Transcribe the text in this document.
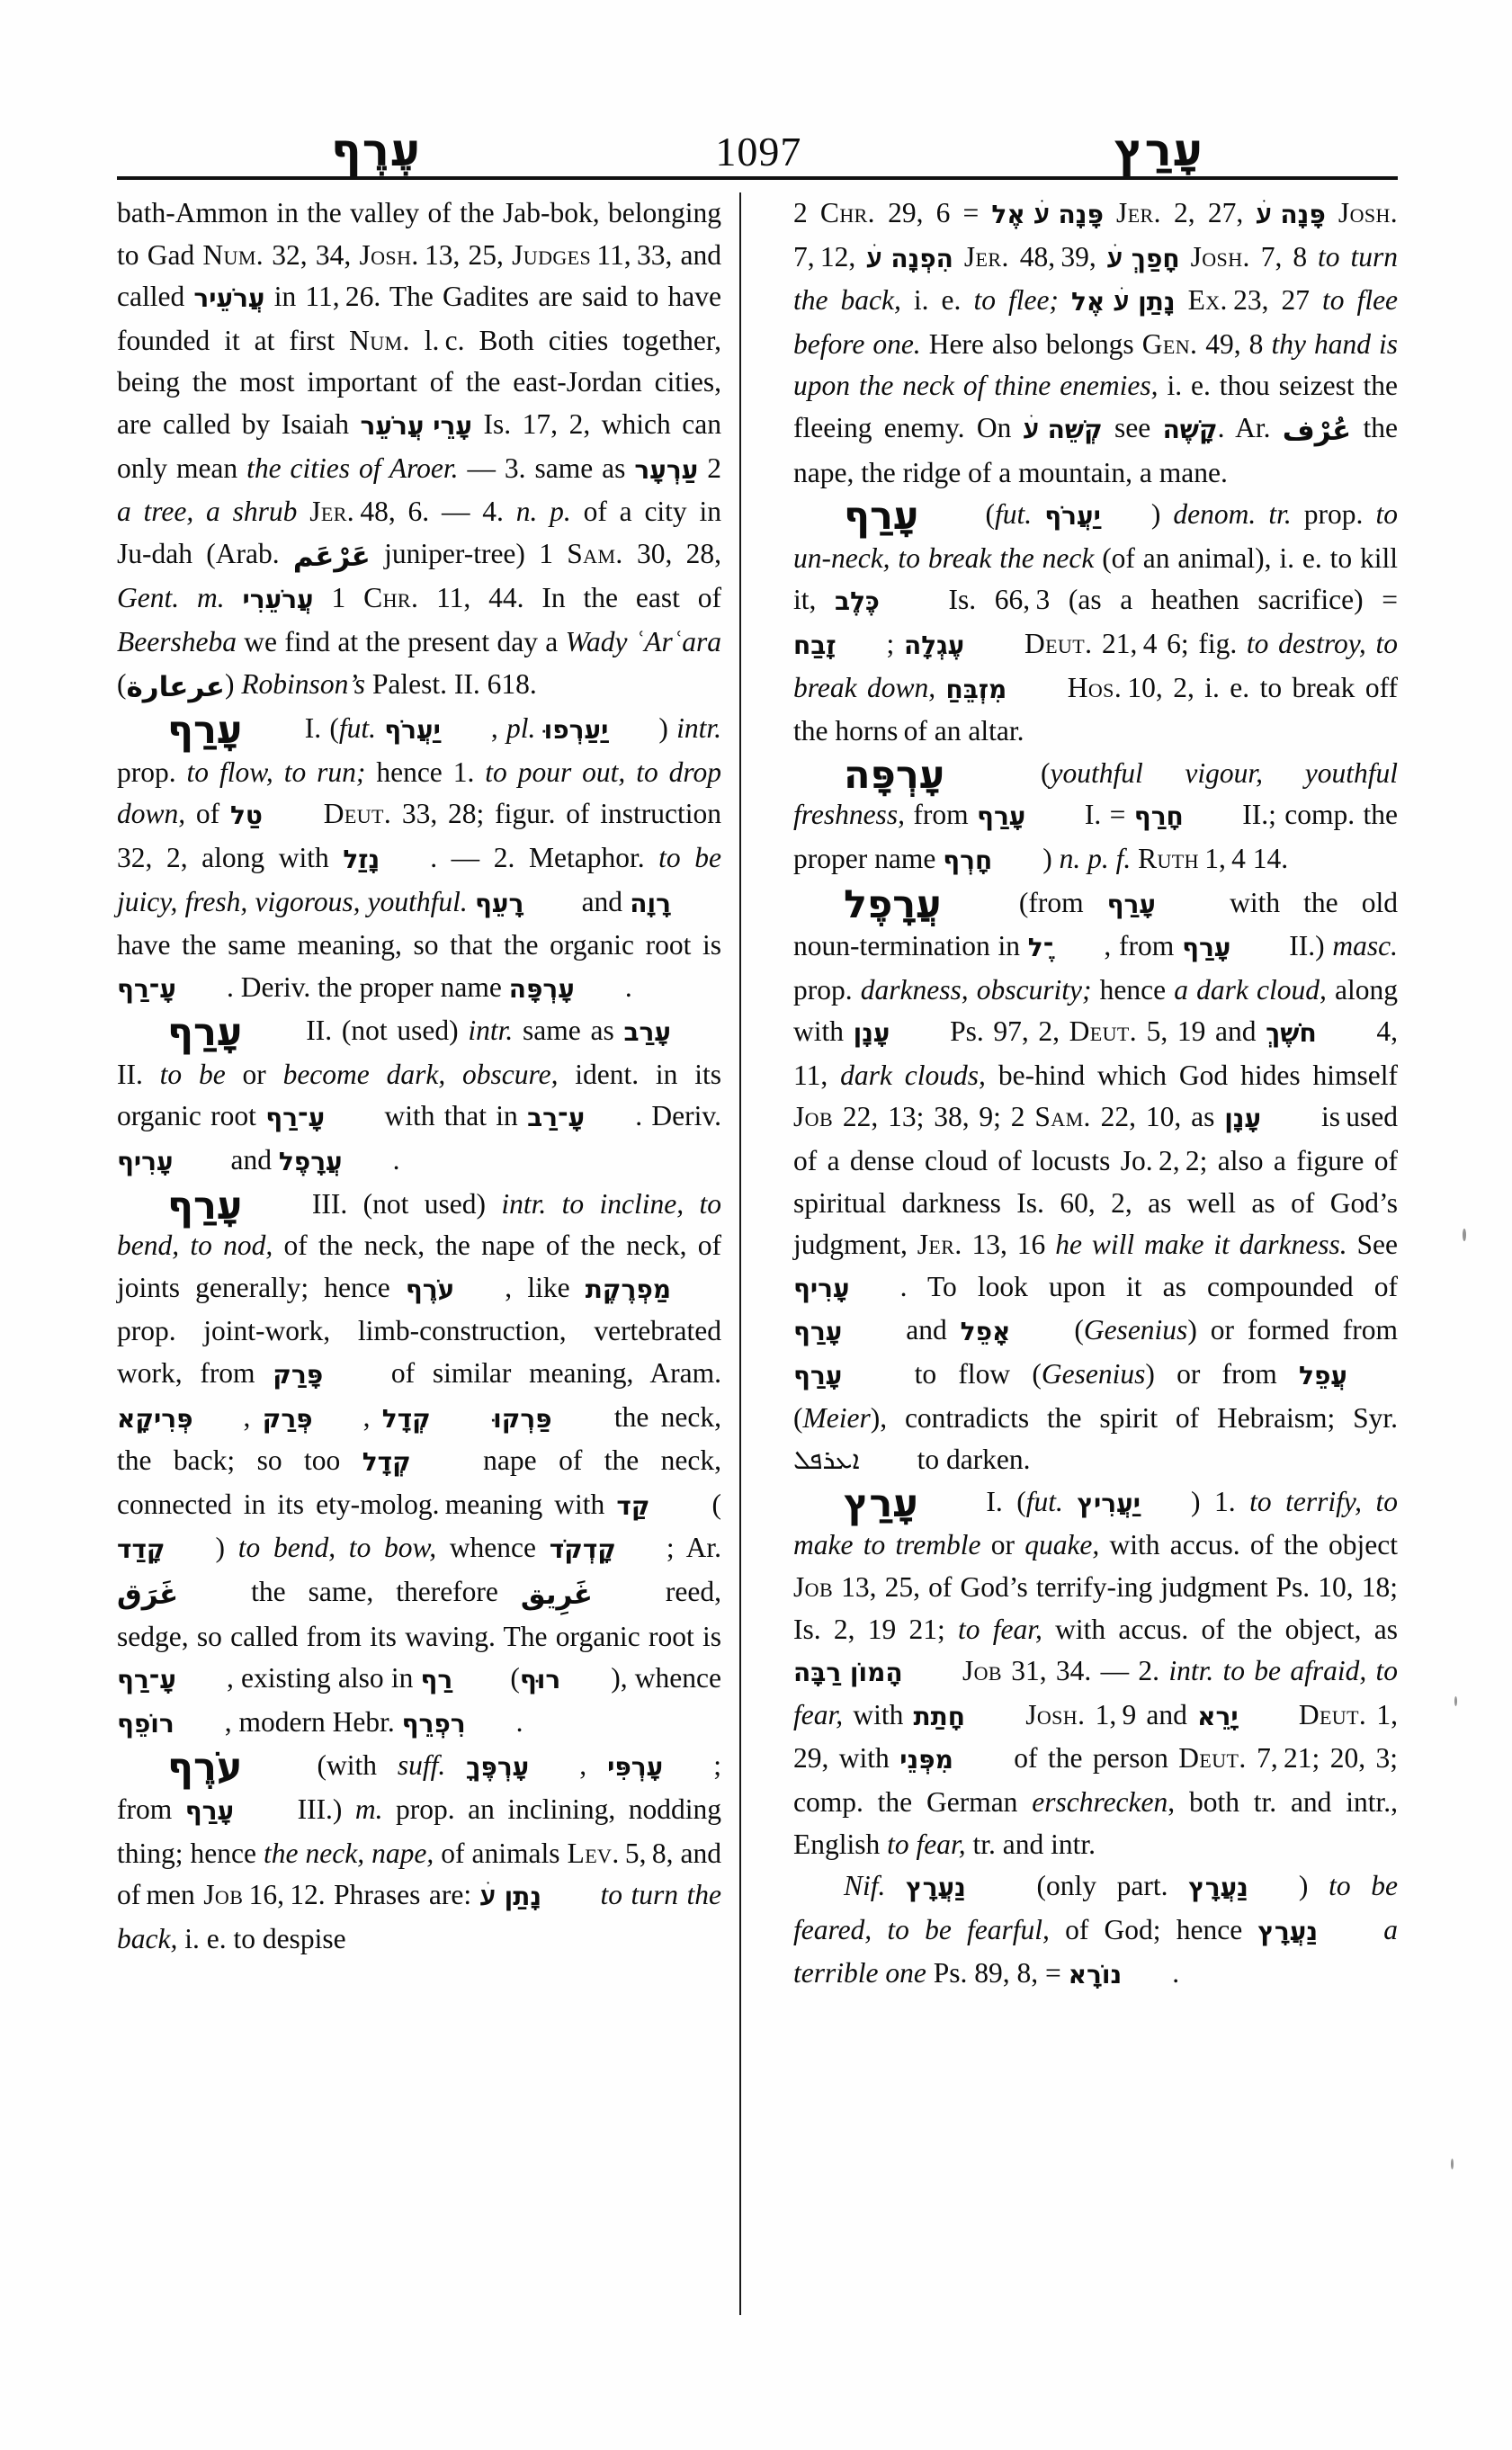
עֶרֶף	1097	עָרַץ

bath-Ammon in the valley of the Jab‑bok, belonging to Gad Num. 32, 34, Josh. 13, 25, Judges 11, 33, and called עֲרֹעֵיר in 11, 26. The Gadites are said to have founded it at first Num. l. c. Both cities together, being the most important of the east-Jordan cities, are called by Isaiah עָרֵי עֲרֹעֵר Is. 17, 2, which can only mean the cities of Aroer. — 3. same as עַרְעָר 2 a tree, a shrub Jer. 48, 6. — 4. n. p. of a city in Ju‑dah (Arab. عَرْعَم juniper-tree) 1 Sam. 30, 28, Gent. m. עֲרֹעֵרִי 1 Chr. 11, 44. In the east of Beersheba we find at the present day a Wady ʿArʿara (عرعارة) Robinson’s Palest. II. 618.

עָרַף I. (fut. יַעֲרֹף , pl. יַעַרְפוּ ) intr. prop. to flow, to run; hence 1. to pour out, to drop down, of טַל Deut. 33, 28; figur. of instruction 32, 2, along with נָזַל . — 2. Metaphor. to be juicy, fresh, vigorous, youthful. רָעֵף and רָוָה have the same meaning, so that the organic root is עָ־רַף . Deriv. the proper name עָרְפָּה .

עָרַף II. (not used) intr. same as עָרַב II. to be or become dark, obscure, ident. in its organic root עָ־רַף with that in עָ־רַב . Deriv. עָרִיף and עֲרָפֶל .

עָרַף III. (not used) intr. to incline, to bend, to nod, of the neck, the nape of the neck, of joints generally; hence עֹרֶף , like מַפְרֶקֶת prop. joint-work, limb‑construction, vertebrated work, from פָּרַק of similar meaning, Aram. פְּרִיקָא , פְּרַק , קְדָל פַּרְקוּ the neck, the back; so too קְדָל nape of the neck, connected in its ety‑molog. meaning with קַד (קָדַד ) to bend, to bow, whence קָדְקֹד ; Ar. غَرَق the same, therefore غَرِيق reed, sedge, so called from its waving. The organic root is עָ־רַף , existing also in רַף (רוּף ), whence רוֹפֵף , modern Hebr. רִפְרֵף .

עֹרֶף (with suff. עָרְפֶּךָ , עָרְפִּי ; from עָרַף III.) m. prop. an inclining, nodding thing; hence the neck, nape, of animals Lev. 5, 8, and of men Job 16, 12. Phrases are: נָתַן עׄ to turn the back, i. e. to despise

2 Chr. 29, 6 = פָּנָה עׄ אֶל Jer. 2, 27, פָּנָה עׄ Josh. 7, 12, הִפְנָה עׄ Jer. 48, 39, חָפַךְ עׄ Josh. 7, 8 to turn the back, i. e. to flee; נָתַן עׄ אֶל Ex. 23, 27 to flee before one. Here also belongs Gen. 49, 8 thy hand is upon the neck of thine enemies, i. e. thou seizest the fleeing enemy. On קְשֵׁה עׄ see קָשֶׁה. Ar. عُرْف the nape, the ridge of a mountain, a mane.

עָרַף (fut. יַעֲרֹף ) denom. tr. prop. to un‑neck, to break the neck (of an animal), i. e. to kill it, כֶּלֶב Is. 66, 3 (as a heathen sacrifice) = זָבַח ; עֶגְלָה Deut. 21, 4 6; fig. to destroy, to break down, מִזְבֵּחַ Hos. 10, 2, i. e. to break off the horns of an altar.

עָרְפָּה (youthful vigour, youthful freshness, from עָרַף I. = חָרַף II.; comp. the proper name חָרְף ) n. p. f. Ruth 1, 4 14.

עֲרָפֶל (from עָרַף with the old noun‑termination in ־ֶל , from עָרַף II.) masc. prop. darkness, obscurity; hence a dark cloud, along with עָנָן Ps. 97, 2, Deut. 5, 19 and חֹשֶׁךְ 4, 11, dark clouds, be‑hind which God hides himself Job 22, 13; 38, 9; 2 Sam. 22, 10, as עָנָן is used of a dense cloud of locusts Jo. 2, 2; also a figure of spiritual darkness Is. 60, 2, as well as of God’s judgment, Jer. 13, 16 he will make it darkness. See עָרִיף . To look upon it as compounded of עָרַף and אָפֵל (Gesenius) or formed from עָרַף to flow (Gesenius) or from עֲפֵל (Meier), contradicts the spirit of Hebraism; Syr. ܐܥܪܦܠ to darken.

עָרַץ I. (fut. יַעֲרִיץ ) 1. to terrify, to make to tremble or quake, with accus. of the object Job 13, 25, of God’s terrify‑ing judgment Ps. 10, 18; Is. 2, 19 21; to fear, with accus. of the object, as הָמוֹן רַבָּה Job 31, 34. — 2. intr. to be afraid, to fear, with חָתַת Josh. 1, 9 and יָרֵא Deut. 1, 29, with מִפְּנֵי of the person Deut. 7, 21; 20, 3; comp. the German erschrecken, both tr. and intr., English to fear, tr. and intr.

Nif. נַעֲרָץ (only part. נַעֲרָץ ) to be feared, to be fearful, of God; hence נַעֲרָץ a terrible one Ps. 89, 8, = נוֹרָא .
